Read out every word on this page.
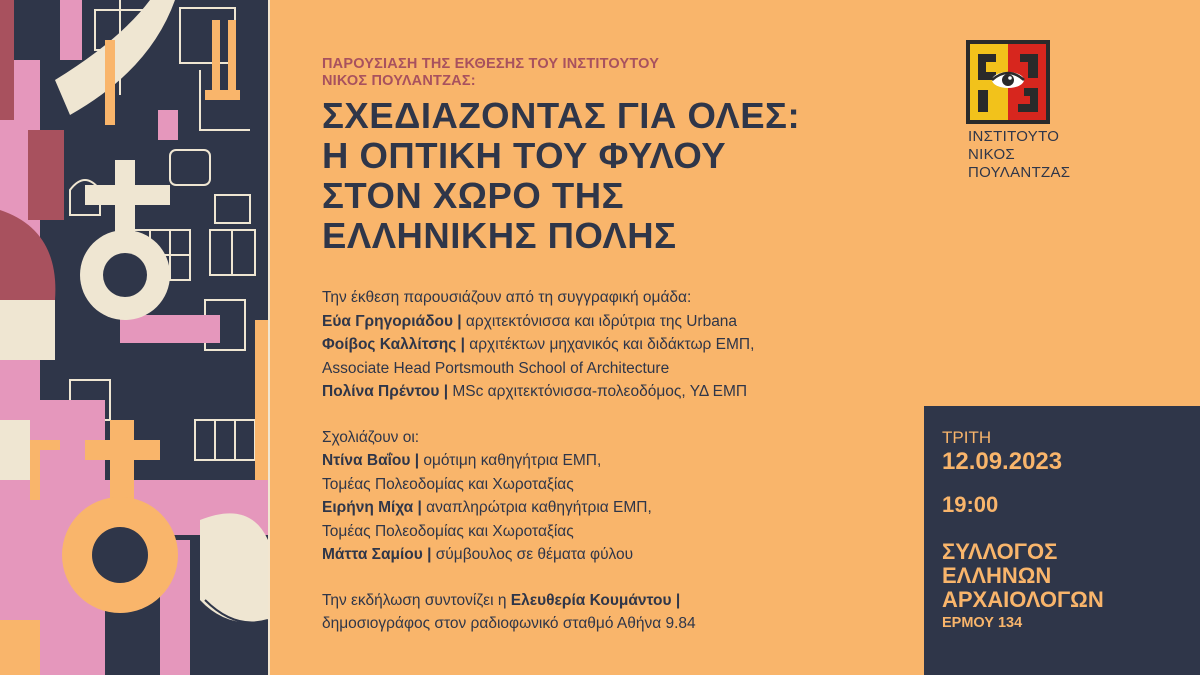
ΠΑΡΟΥΣΙΑΣΗ ΤΗΣ ΕΚΘΕΣΗΣ ΤΟΥ ΙΝΣΤΙΤΟΥΤΟΥ

ΝΙΚΟΣ ΠΟΥΛΑΝΤΖΑΣ:

ΣΧΕΔΙΑΖΟΝΤΑΣ ΓΙΑ ΟΛΕΣ:
Η ΟΠΤΙΚΗ ΤΟΥ ΦΥΛΟΥ
ΣΤΟΝ ΧΩΡΟ ΤΗΣ
ΕΛΛΗΝΙΚΗΣ ΠΟΛΗΣ

Την έκθεση παρουσιάζουν από τη συγγραφική ομάδα:

Εύα Γρηγοριάδου | αρχιτεκτόνισσα και ιδρύτρια της Urbana

Φοίβος Καλλίτσης | αρχιτέκτων μηχανικός και διδάκτωρ ΕΜΠ,

Associate Head Portsmouth School of Architecture

Πολίνα Πρέντου | MSc αρχιτεκτόνισσα-πολεοδόμος, ΥΔ ΕΜΠ

Σχολιάζουν οι:

Ντίνα Βαΐου | ομότιμη καθηγήτρια ΕΜΠ,

Τομέας Πολεοδομίας και Χωροταξίας

Ειρήνη Μίχα | αναπληρώτρια καθηγήτρια ΕΜΠ,

Τομέας Πολεοδομίας και Χωροταξίας

Μάττα Σαμίου | σύμβουλος σε θέματα φύλου

Την εκδήλωση συντονίζει η Ελευθερία Κουμάντου |

δημοσιογράφος στον ραδιοφωνικό σταθμό Αθήνα 9.84

ΙΝΣΤΙΤΟΥΤΟ
ΝΙΚΟΣ ΠΟΥΛΑΝΤΖΑΣ
ΤΡΙΤΗ
12.09.2023
19:00
ΣΥΛΛΟΓΟΣ
ΕΛΛΗΝΩΝ
ΑΡΧΑΙΟΛΟΓΩΝ
ΕΡΜΟΥ 134
